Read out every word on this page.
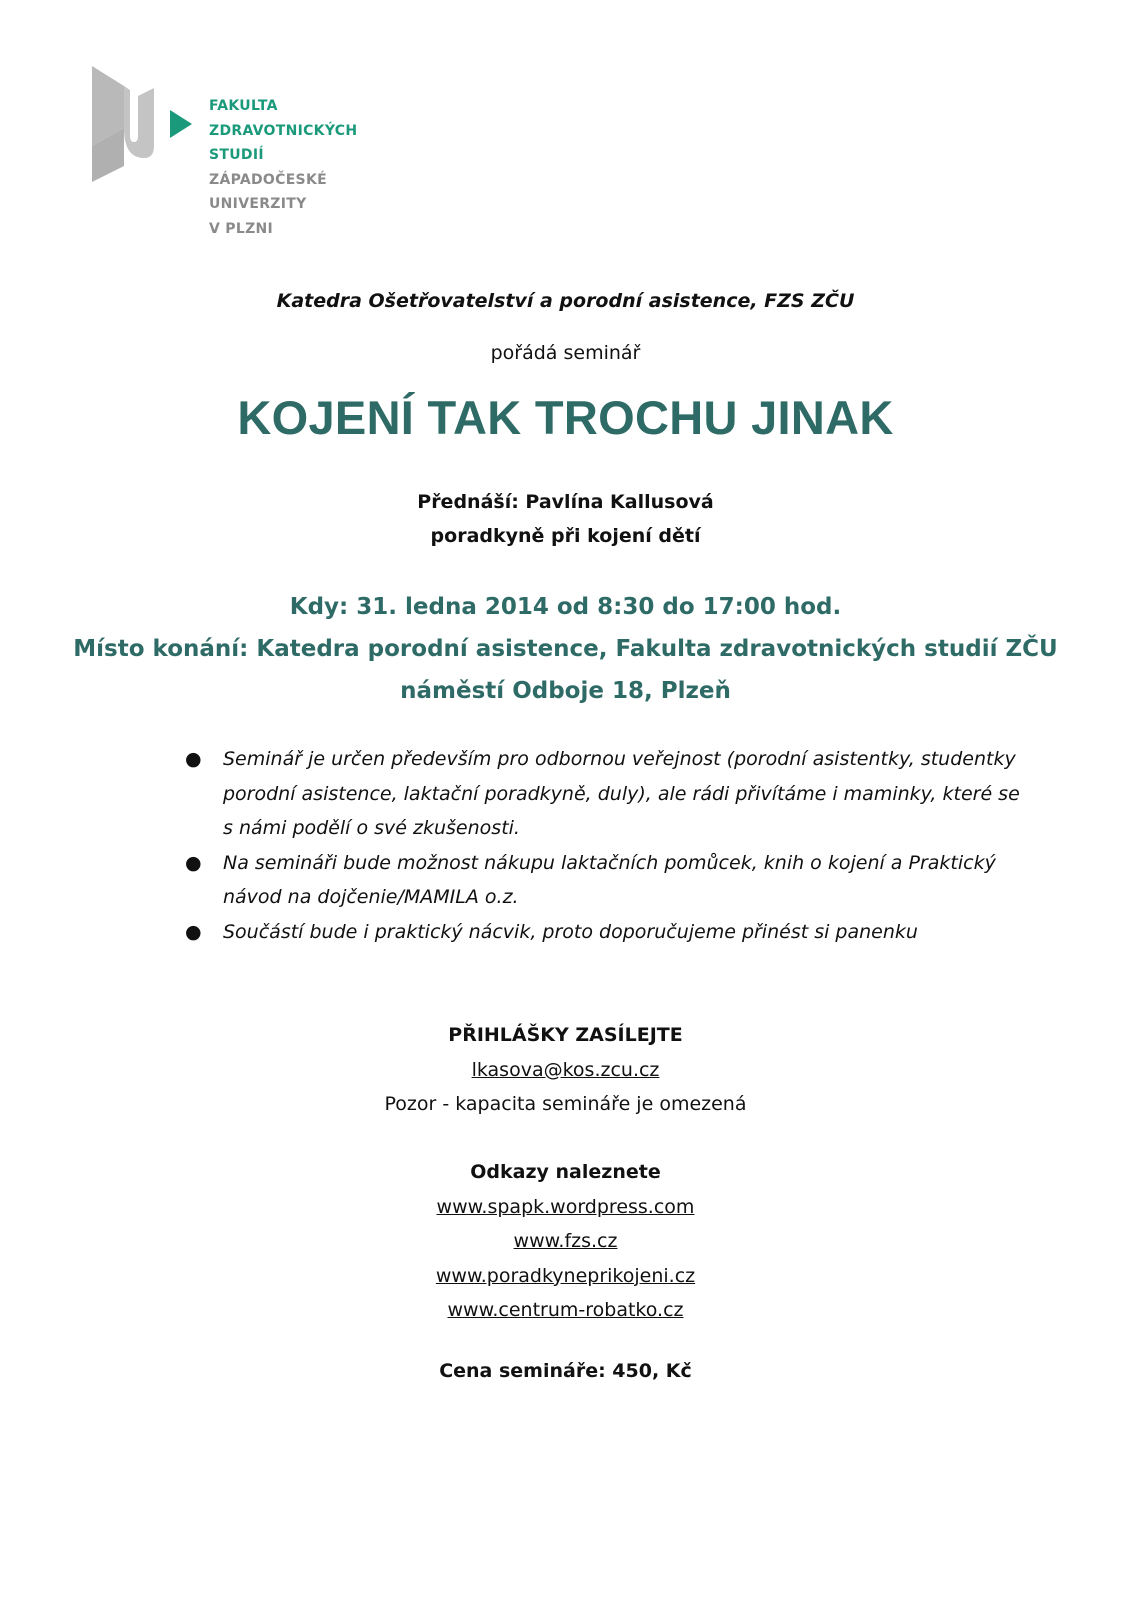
FAKULTA
ZDRAVOTNICKÝCH STUDIÍ
ZÁPADOČESKÉ
UNIVERZITY
V PLZNI
Katedra Ošetřovatelství a porodní asistence, FZS ZČU
pořádá seminář
KOJENÍ TAK TROCHU JINAK
Přednáší: Pavlína Kallusová
poradkyně při kojení dětí
Kdy: 31. ledna 2014 od 8:30 do 17:00 hod.
Místo konání: Katedra porodní asistence, Fakulta zdravotnických studií ZČU
náměstí Odboje 18, Plzeň
● Seminář je určen především pro odbornou veřejnost (porodní asistentky, studentky porodní asistence, laktační poradkyně, duly), ale rádi přivítáme i maminky, které se s námi podělí o své zkušenosti.
● Na semináři bude možnost nákupu laktačních pomůcek, knih o kojení a Praktický návod na dojčenie/MAMILA o.z.
● Součástí bude i praktický nácvik, proto doporučujeme přinést si panenku
PŘIHLÁŠKY ZASÍLEJTE
lkasova@kos.zcu.cz
Pozor - kapacita semináře je omezená
Odkazy naleznete
www.spapk.wordpress.com
www.fzs.cz
www.poradkyneprikojeni.cz
www.centrum-robatko.cz
Cena semináře: 450, Kč
